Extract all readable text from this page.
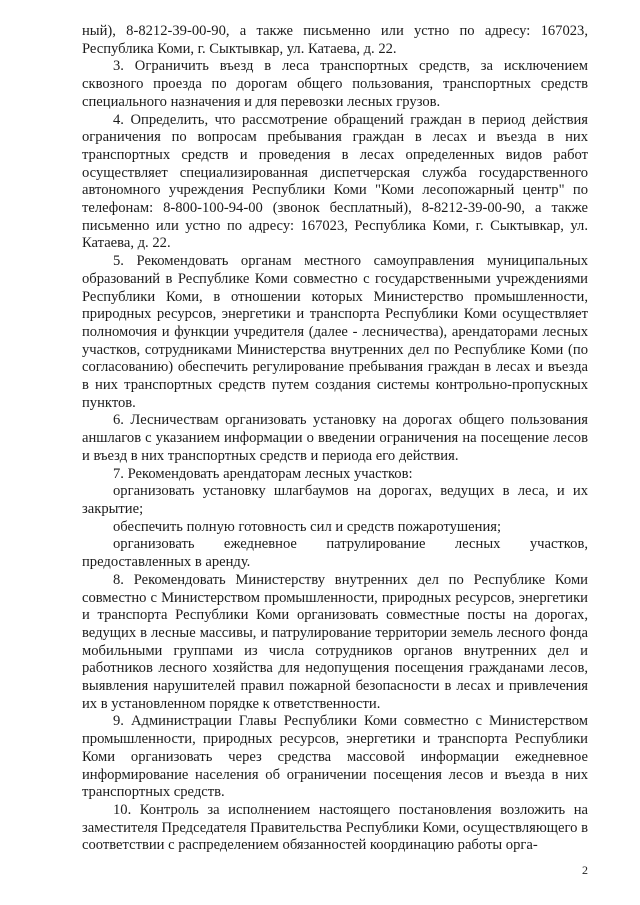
ный), 8-8212-39-00-90, а также письменно или устно по адресу: 167023, Республика Коми, г. Сыктывкар, ул. Катаева, д. 22.

3. Ограничить въезд в леса транспортных средств, за исключением сквозного проезда по дорогам общего пользования, транспортных средств специального назначения и для перевозки лесных грузов.

4. Определить, что рассмотрение обращений граждан в период действия ограничения по вопросам пребывания граждан в лесах и въезда в них транспортных средств и проведения в лесах определенных видов работ осуществляет специализированная диспетчерская служба государственного автономного учреждения Республики Коми "Коми лесопожарный центр" по телефонам: 8-800-100-94-00 (звонок бесплатный), 8-8212-39-00-90, а также письменно или устно по адресу: 167023, Республика Коми, г. Сыктывкар, ул. Катаева, д. 22.

5. Рекомендовать органам местного самоуправления муниципальных образований в Республике Коми совместно с государственными учреждениями Республики Коми, в отношении которых Министерство промышленности, природных ресурсов, энергетики и транспорта Республики Коми осуществляет полномочия и функции учредителя (далее - лесничества), арендаторами лесных участков, сотрудниками Министерства внутренних дел по Республике Коми (по согласованию) обеспечить регулирование пребывания граждан в лесах и въезда в них транспортных средств путем создания системы контрольно-пропускных пунктов.

6. Лесничествам организовать установку на дорогах общего пользования аншлагов с указанием информации о введении ограничения на посещение лесов и въезд в них транспортных средств и периода его действия.

7. Рекомендовать арендаторам лесных участков:

организовать установку шлагбаумов на дорогах, ведущих в леса, и их закрытие;

обеспечить полную готовность сил и средств пожаротушения;

организовать ежедневное патрулирование лесных участков, предоставленных в аренду.

8. Рекомендовать Министерству внутренних дел по Республике Коми совместно с Министерством промышленности, природных ресурсов, энергетики и транспорта Республики Коми организовать совместные посты на дорогах, ведущих в лесные массивы, и патрулирование территории земель лесного фонда мобильными группами из числа сотрудников органов внутренних дел и работников лесного хозяйства для недопущения посещения гражданами лесов, выявления нарушителей правил пожарной безопасности в лесах и привлечения их в установленном порядке к ответственности.

9. Администрации Главы Республики Коми совместно с Министерством промышленности, природных ресурсов, энергетики и транспорта Республики Коми организовать через средства массовой информации ежедневное информирование населения об ограничении посещения лесов и въезда в них транспортных средств.

10. Контроль за исполнением настоящего постановления возложить на заместителя Председателя Правительства Республики Коми, осуществляющего в соответствии с распределением обязанностей координацию работы орга-

2
